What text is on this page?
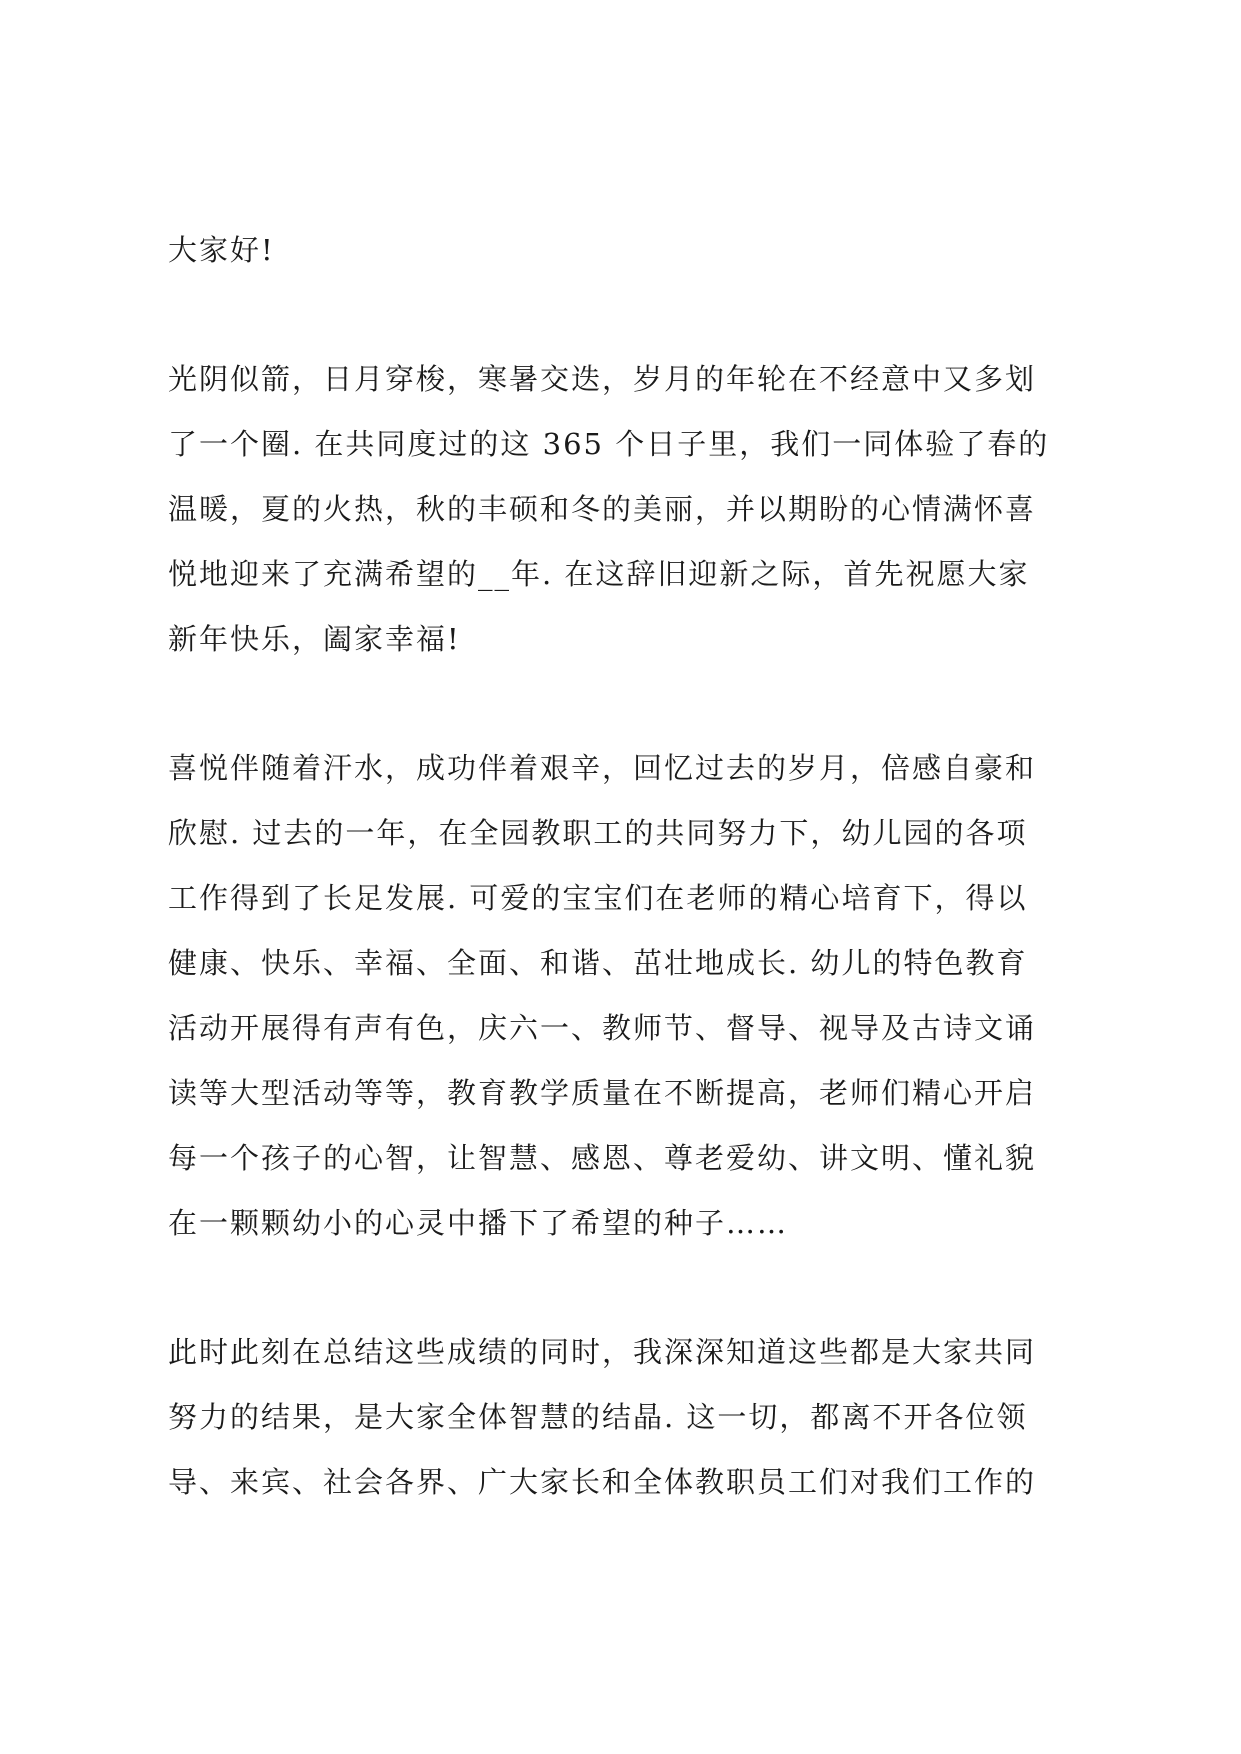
大家好!
光阴似箭，日月穿梭，寒暑交迭，岁月的年轮在不经意中又多划
了一个圈. 在共同度过的这 365 个日子里，我们一同体验了春的
温暖，夏的火热，秋的丰硕和冬的美丽，并以期盼的心情满怀喜
悦地迎来了充满希望的__年. 在这辞旧迎新之际，首先祝愿大家
新年快乐，阖家幸福!
喜悦伴随着汗水，成功伴着艰辛，回忆过去的岁月，倍感自豪和
欣慰. 过去的一年，在全园教职工的共同努力下，幼儿园的各项
工作得到了长足发展. 可爱的宝宝们在老师的精心培育下，得以
健康、快乐、幸福、全面、和谐、茁壮地成长. 幼儿的特色教育
活动开展得有声有色，庆六一、教师节、督导、视导及古诗文诵
读等大型活动等等，教育教学质量在不断提高，老师们精心开启
每一个孩子的心智，让智慧、感恩、尊老爱幼、讲文明、懂礼貌
在一颗颗幼小的心灵中播下了希望的种子……
此时此刻在总结这些成绩的同时，我深深知道这些都是大家共同
努力的结果，是大家全体智慧的结晶. 这一切，都离不开各位领
导、来宾、社会各界、广大家长和全体教职员工们对我们工作的
